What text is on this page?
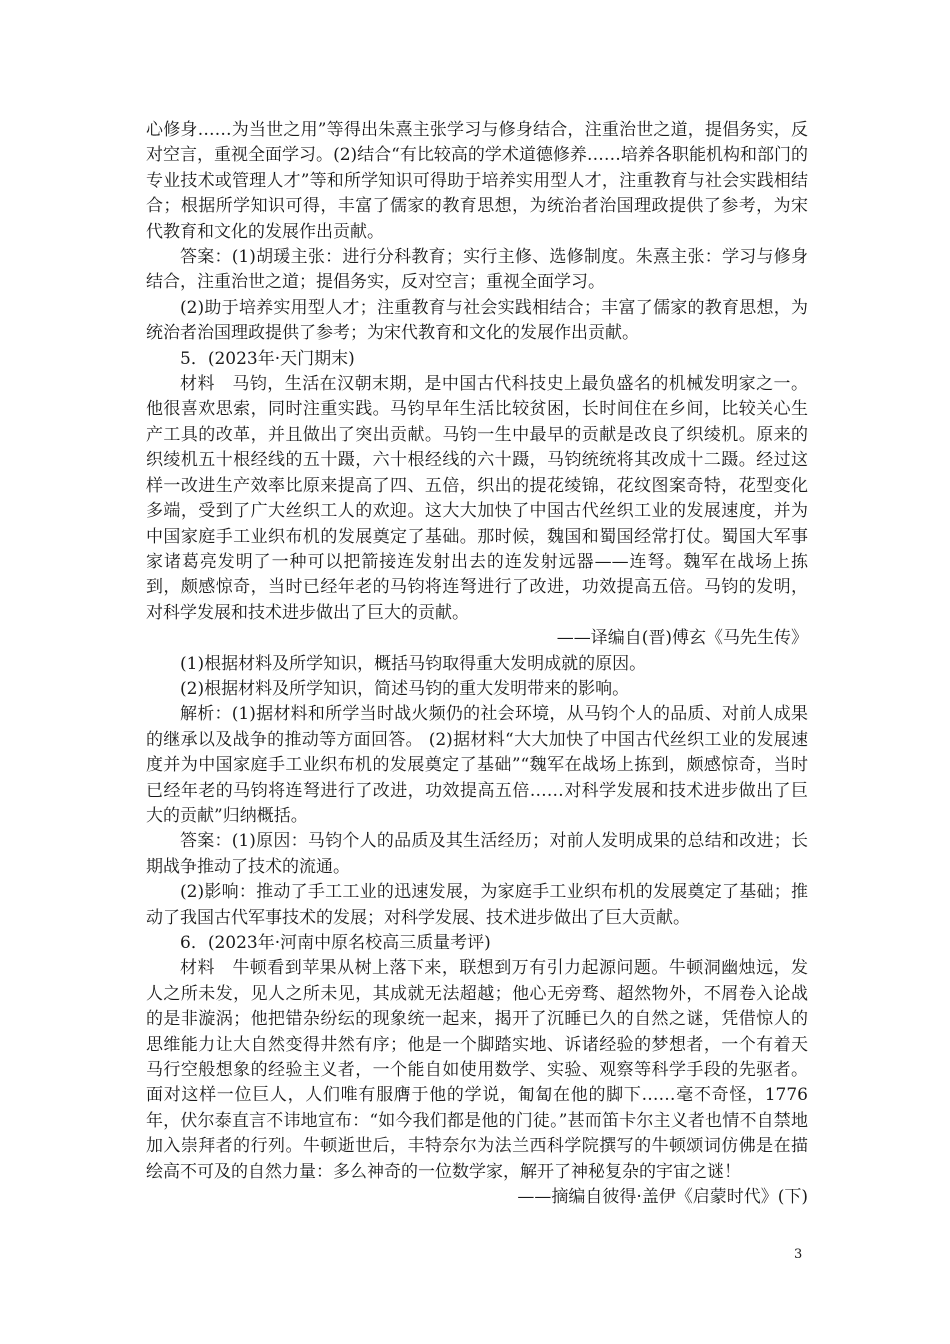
心修身……为当世之用”等得出朱熹主张学习与修身结合，注重治世之道，提倡务实，反对空言，重视全面学习。(2)结合“有比较高的学术道德修养……培养各职能机构和部门的专业技术或管理人才”等和所学知识可得助于培养实用型人才，注重教育与社会实践相结合；根据所学知识可得，丰富了儒家的教育思想，为统治者治国理政提供了参考，为宋代教育和文化的发展作出贡献。

答案：(1)胡瑗主张：进行分科教育；实行主修、选修制度。朱熹主张：学习与修身结合，注重治世之道；提倡务实，反对空言；重视全面学习。

(2)助于培养实用型人才；注重教育与社会实践相结合；丰富了儒家的教育思想，为统治者治国理政提供了参考；为宋代教育和文化的发展作出贡献。

5．(2023年·天门期末)

材料　马钧，生活在汉朝末期，是中国古代科技史上最负盛名的机械发明家之一。他很喜欢思索，同时注重实践。马钧早年生活比较贫困，长时间住在乡间，比较关心生产工具的改革，并且做出了突出贡献。马钧一生中最早的贡献是改良了织绫机。原来的织绫机五十根经线的五十蹑，六十根经线的六十蹑，马钧统统将其改成十二蹑。经过这样一改进生产效率比原来提高了四、五倍，织出的提花绫锦，花纹图案奇特，花型变化多端，受到了广大丝织工人的欢迎。这大大加快了中国古代丝织工业的发展速度，并为中国家庭手工业织布机的发展奠定了基础。那时候，魏国和蜀国经常打仗。蜀国大军事家诸葛亮发明了一种可以把箭接连发射出去的连发射远器——连弩。魏军在战场上拣到，颇感惊奇，当时已经年老的马钧将连弩进行了改进，功效提高五倍。马钧的发明，对科学发展和技术进步做出了巨大的贡献。

——译编自(晋)傅玄《马先生传》

(1)根据材料及所学知识，概括马钧取得重大发明成就的原因。

(2)根据材料及所学知识，简述马钧的重大发明带来的影响。

解析：(1)据材料和所学当时战火频仍的社会环境，从马钧个人的品质、对前人成果的继承以及战争的推动等方面回答。 (2)据材料“大大加快了中国古代丝织工业的发展速度并为中国家庭手工业织布机的发展奠定了基础”“魏军在战场上拣到，颇感惊奇，当时已经年老的马钧将连弩进行了改进，功效提高五倍……对科学发展和技术进步做出了巨大的贡献”归纳概括。

答案：(1)原因：马钧个人的品质及其生活经历；对前人发明成果的总结和改进；长期战争推动了技术的流通。

(2)影响：推动了手工工业的迅速发展，为家庭手工业织布机的发展奠定了基础；推动了我国古代军事技术的发展；对科学发展、技术进步做出了巨大贡献。

6．(2023年·河南中原名校高三质量考评)

材料　牛顿看到苹果从树上落下来，联想到万有引力起源问题。牛顿洞幽烛远，发人之所未发，见人之所未见，其成就无法超越；他心无旁骛、超然物外，不屑卷入论战的是非漩涡；他把错杂纷纭的现象统一起来，揭开了沉睡已久的自然之谜，凭借惊人的思维能力让大自然变得井然有序；他是一个脚踏实地、诉诸经验的梦想者，一个有着天马行空般想象的经验主义者，一个能自如使用数学、实验、观察等科学手段的先驱者。面对这样一位巨人，人们唯有服膺于他的学说，匍匐在他的脚下……毫不奇怪，1776年，伏尔泰直言不讳地宣布：“如今我们都是他的门徒。”甚而笛卡尔主义者也情不自禁地加入崇拜者的行列。牛顿逝世后，丰特奈尔为法兰西科学院撰写的牛顿颂词仿佛是在描绘高不可及的自然力量：多么神奇的一位数学家，解开了神秘复杂的宇宙之谜！

——摘编自彼得·盖伊《启蒙时代》(下)

3
